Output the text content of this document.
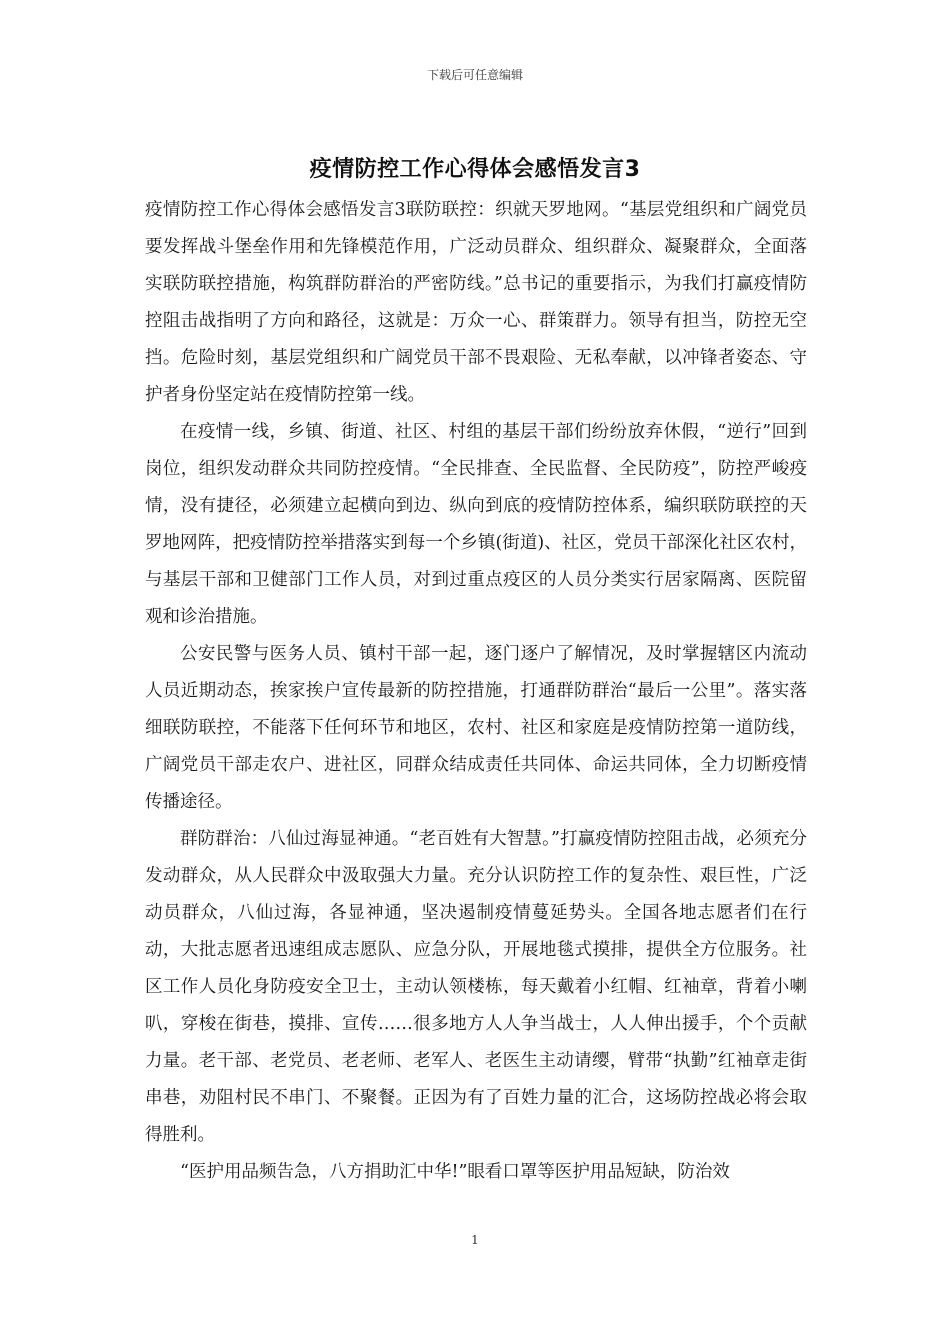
下载后可任意编辑
疫情防控工作心得体会感悟发言3

疫情防控工作心得体会感悟发言3联防联控：织就天罗地网。“基层党组织和广阔党员要发挥战斗堡垒作用和先锋模范作用，广泛动员群众、组织群众、凝聚群众，全面落实联防联控措施，构筑群防群治的严密防线。”总书记的重要指示，为我们打赢疫情防控阻击战指明了方向和路径，这就是：万众一心、群策群力。领导有担当，防控无空挡。危险时刻，基层党组织和广阔党员干部不畏艰险、无私奉献，以冲锋者姿态、守护者身份坚定站在疫情防控第一线。

在疫情一线，乡镇、街道、社区、村组的基层干部们纷纷放弃休假，“逆行”回到岗位，组织发动群众共同防控疫情。“全民排查、全民监督、全民防疫”，防控严峻疫情，没有捷径，必须建立起横向到边、纵向到底的疫情防控体系，编织联防联控的天罗地网阵，把疫情防控举措落实到每一个乡镇(街道)、社区，党员干部深化社区农村，与基层干部和卫健部门工作人员，对到过重点疫区的人员分类实行居家隔离、医院留观和诊治措施。

公安民警与医务人员、镇村干部一起，逐门逐户了解情况，及时掌握辖区内流动人员近期动态，挨家挨户宣传最新的防控措施，打通群防群治“最后一公里”。落实落细联防联控，不能落下任何环节和地区，农村、社区和家庭是疫情防控第一道防线，广阔党员干部走农户、进社区，同群众结成责任共同体、命运共同体，全力切断疫情传播途径。

群防群治：八仙过海显神通。“老百姓有大智慧。”打赢疫情防控阻击战，必须充分发动群众，从人民群众中汲取强大力量。充分认识防控工作的复杂性、艰巨性，广泛动员群众，八仙过海，各显神通，坚决遏制疫情蔓延势头。全国各地志愿者们在行动，大批志愿者迅速组成志愿队、应急分队，开展地毯式摸排，提供全方位服务。社区工作人员化身防疫安全卫士，主动认领楼栋，每天戴着小红帽、红袖章，背着小喇叭，穿梭在街巷，摸排、宣传……很多地方人人争当战士，人人伸出援手，个个贡献力量。老干部、老党员、老老师、老军人、老医生主动请缨，臂带“执勤”红袖章走街串巷，劝阻村民不串门、不聚餐。正因为有了百姓力量的汇合，这场防控战必将会取得胜利。

“医护用品频告急，八方捐助汇中华!”眼看口罩等医护用品短缺，防治效

1
